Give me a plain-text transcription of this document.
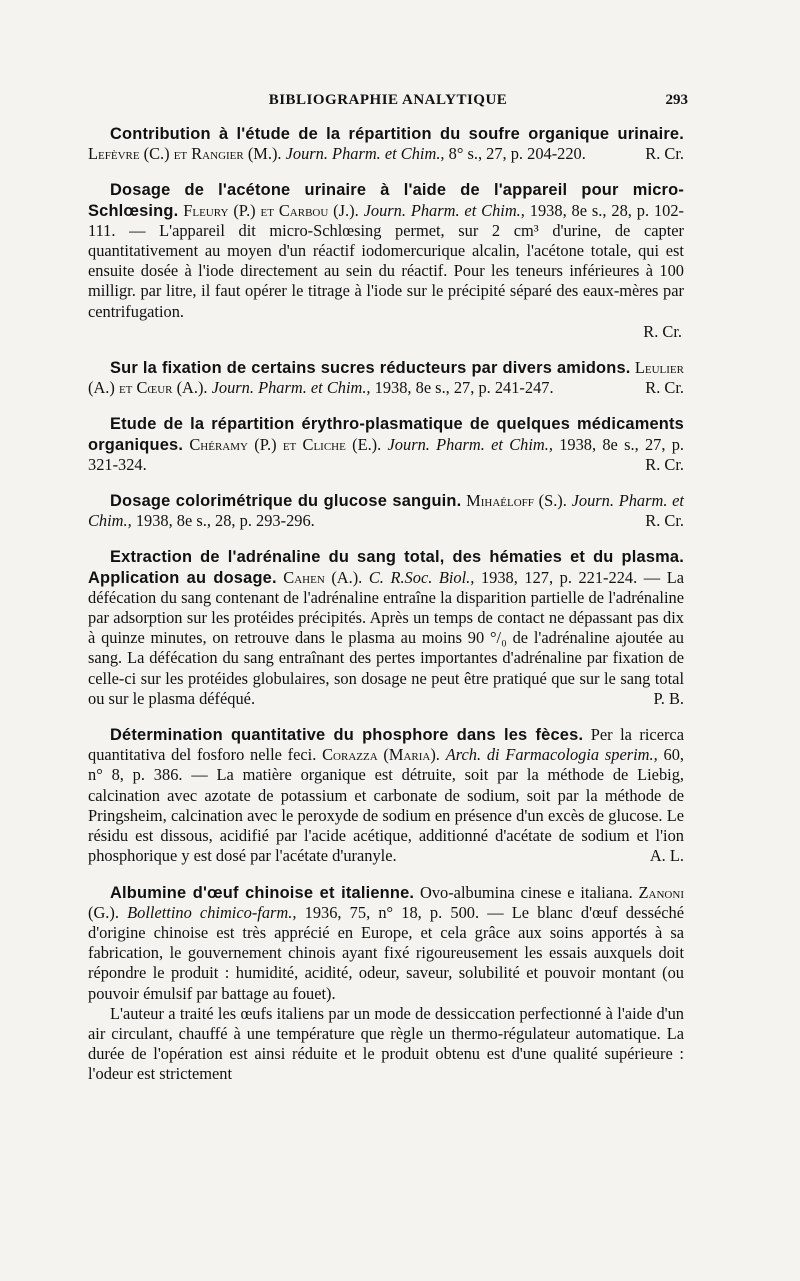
BIBLIOGRAPHIE ANALYTIQUE	293

Contribution à l'étude de la répartition du soufre organique urinaire. Lefèvre (C.) et Rangier (M.). Journ. Pharm. et Chim., 8° s., 27, p. 204-220.	R. Cr.

Dosage de l'acétone urinaire à l'aide de l'appareil pour micro-Schlœsing. Fleury (P.) et Carbou (J.). Journ. Pharm. et Chim., 1938, 8e s., 28, p. 102-111. — L'appareil dit micro-Schlœsing permet, sur 2 cm³ d'urine, de capter quantitativement au moyen d'un réactif iodomercurique alcalin, l'acétone totale, qui est ensuite dosée à l'iode directement au sein du réactif. Pour les teneurs inférieures à 100 milligr. par litre, il faut opérer le titrage à l'iode sur le précipité séparé des eaux-mères par centrifugation.

R. Cr.

Sur la fixation de certains sucres réducteurs par divers amidons. Leulier (A.) et Cœur (A.). Journ. Pharm. et Chim., 1938, 8e s., 27, p. 241-247.	R. Cr.

Etude de la répartition érythro-plasmatique de quelques médicaments organiques. Chéramy (P.) et Cliche (E.). Journ. Pharm. et Chim., 1938, 8e s., 27, p. 321-324.	R. Cr.

Dosage colorimétrique du glucose sanguin. Mihaéloff (S.). Journ. Pharm. et Chim., 1938, 8e s., 28, p. 293-296.	R. Cr.

Extraction de l'adrénaline du sang total, des hématies et du plasma. Application au dosage. Cahen (A.). C. R.Soc. Biol., 1938, 127, p. 221-224. — La défécation du sang contenant de l'adrénaline entraîne la disparition partielle de l'adrénaline par adsorption sur les protéides précipités. Après un temps de contact ne dépassant pas dix à quinze minutes, on retrouve dans le plasma au moins 90 °/₀ de l'adrénaline ajoutée au sang. La défécation du sang entraînant des pertes importantes d'adrénaline par fixation de celle-ci sur les protéides globulaires, son dosage ne peut être pratiqué que sur le sang total ou sur le plasma déféqué.	P. B.

Détermination quantitative du phosphore dans les fèces. Per la ricerca quantitativa del fosforo nelle feci. Corazza (Maria). Arch. di Farmacologia sperim., 60, n° 8, p. 386. — La matière organique est détruite, soit par la méthode de Liebig, calcination avec azotate de potassium et carbonate de sodium, soit par la méthode de Pringsheim, calcination avec le peroxyde de sodium en présence d'un excès de glucose. Le résidu est dissous, acidifié par l'acide acétique, additionné d'acétate de sodium et l'ion phosphorique y est dosé par l'acétate d'uranyle.	A. L.

Albumine d'œuf chinoise et italienne. Ovo-albumina cinese e italiana. Zanoni (G.). Bollettino chimico-farm., 1936, 75, n° 18, p. 500. — Le blanc d'œuf desséché d'origine chinoise est très apprécié en Europe, et cela grâce aux soins apportés à sa fabrication, le gouvernement chinois ayant fixé rigoureusement les essais auxquels doit répondre le produit : humidité, acidité, odeur, saveur, solubilité et pouvoir montant (ou pouvoir émulsif par battage au fouet).

L'auteur a traité les œufs italiens par un mode de dessiccation perfectionné à l'aide d'un air circulant, chauffé à une température que règle un thermo-régulateur automatique. La durée de l'opération est ainsi réduite et le produit obtenu est d'une qualité supérieure : l'odeur est strictement
